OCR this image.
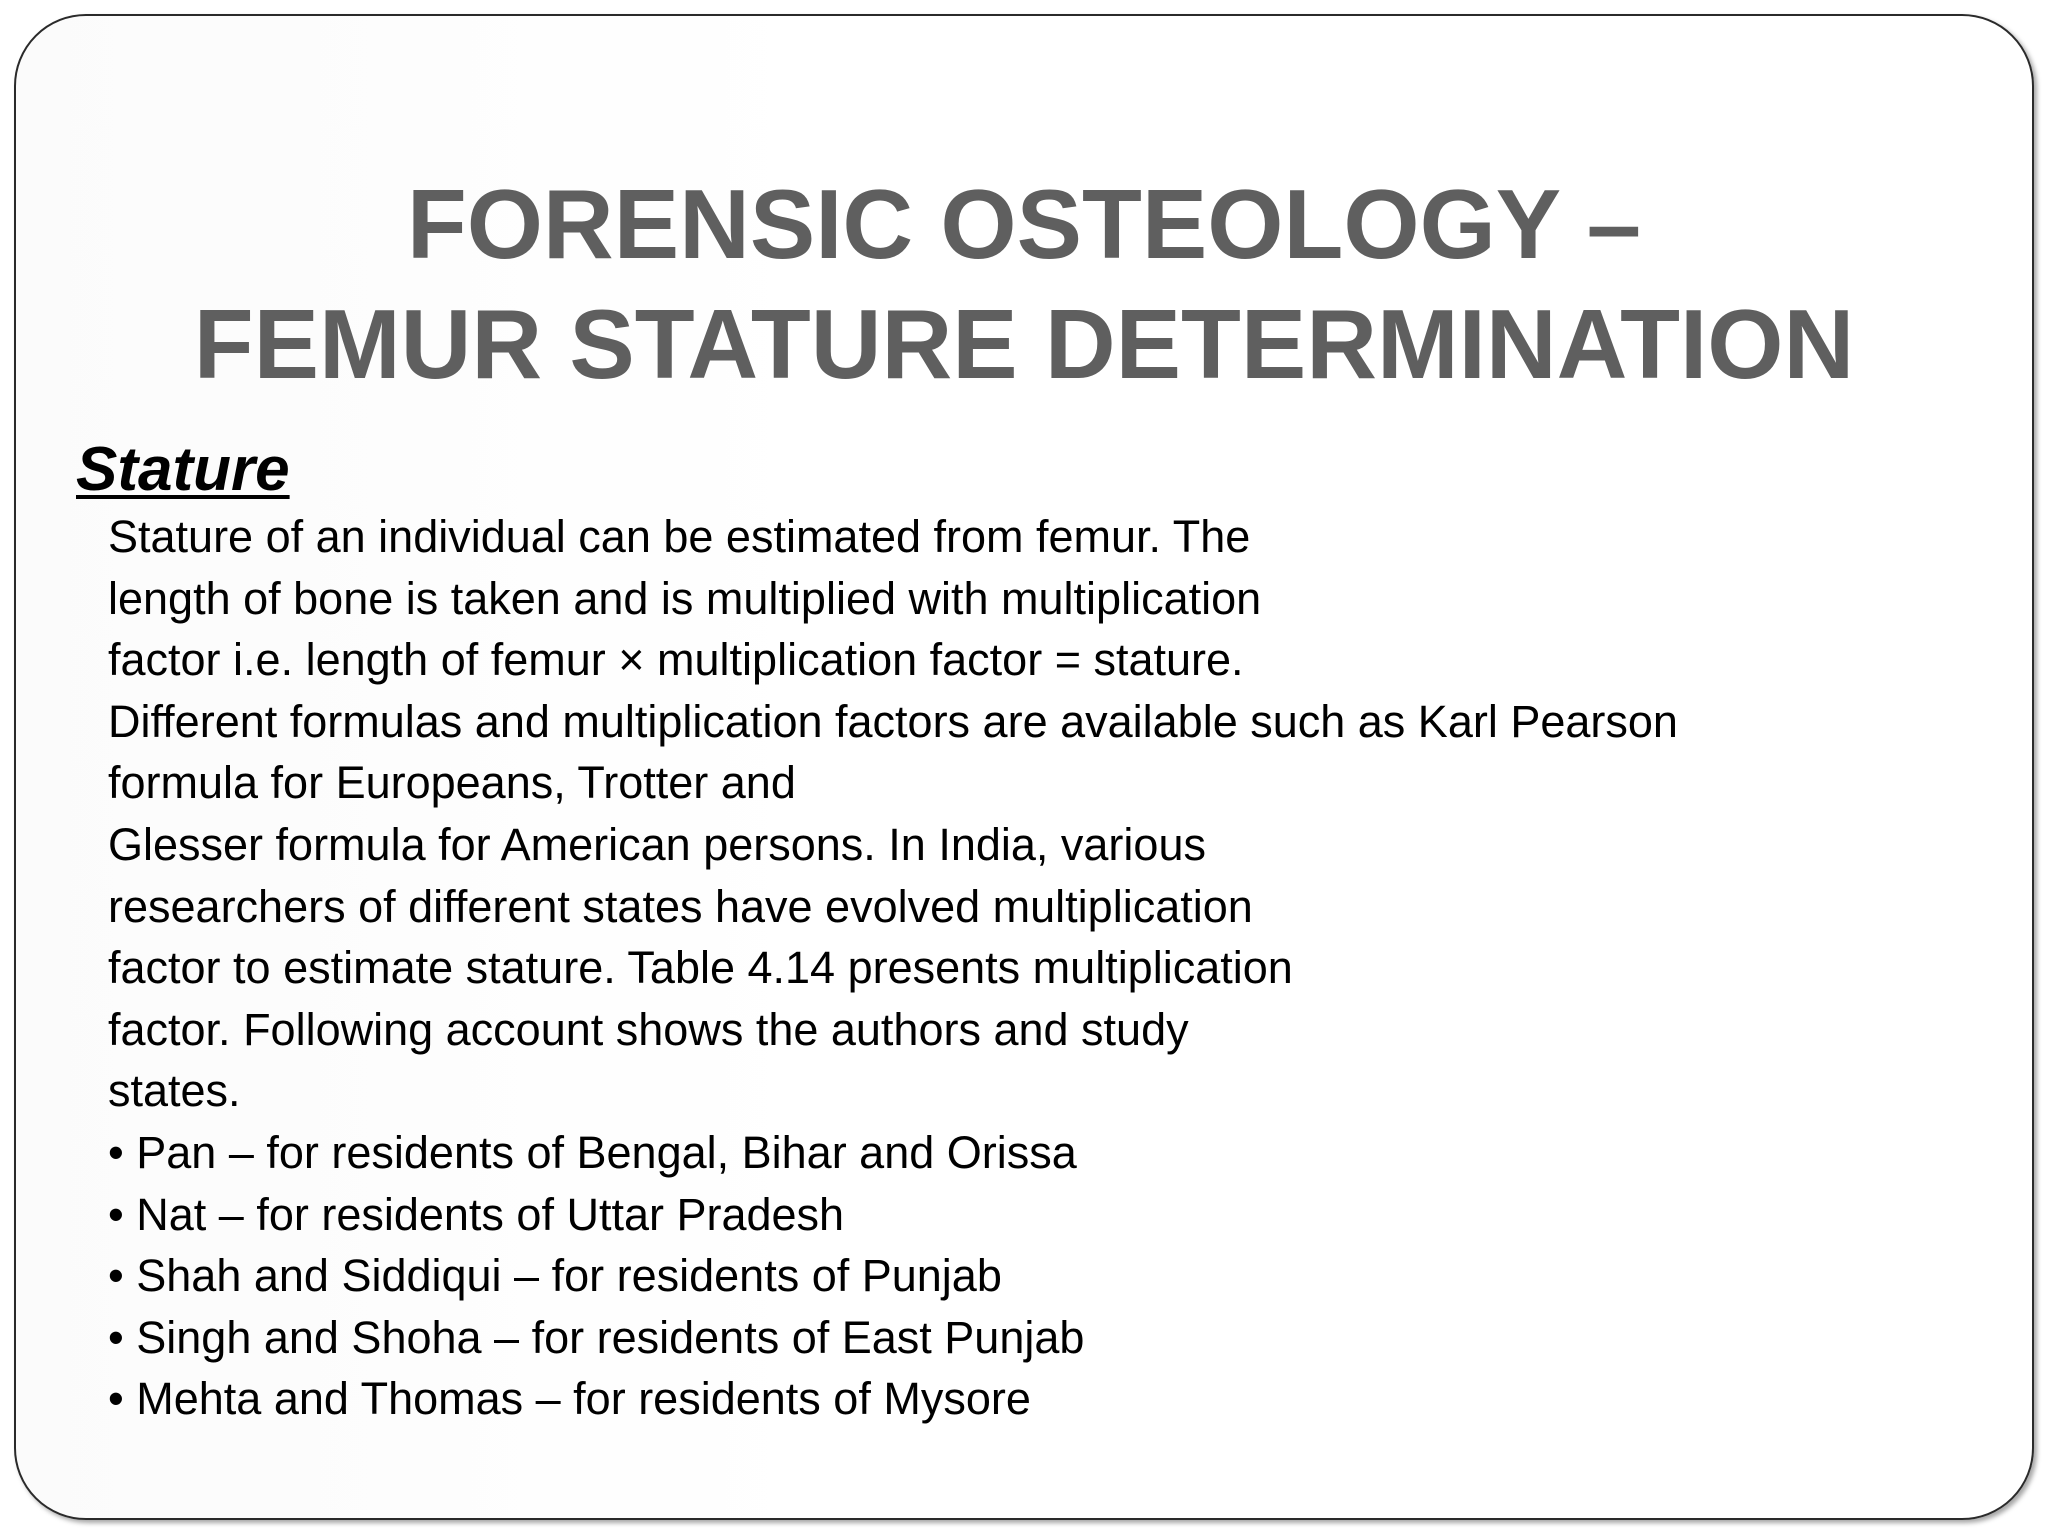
FORENSIC OSTEOLOGY –
FEMUR STATURE DETERMINATION
Stature
Stature of an individual can be estimated from femur. The
length of bone is taken and is multiplied with multiplication
factor i.e. length of femur × multiplication factor = stature.
Different formulas and multiplication factors are available such as Karl Pearson
formula for Europeans, Trotter and
Glesser formula for American persons. In India, various
researchers of different states have evolved multiplication
factor to estimate stature. Table 4.14 presents multiplication
factor. Following account shows the authors and study
states.
• Pan – for residents of Bengal, Bihar and Orissa
• Nat – for residents of Uttar Pradesh
• Shah and Siddiqui – for residents of Punjab
• Singh and Shoha – for residents of East Punjab
• Mehta and Thomas – for residents of Mysore
